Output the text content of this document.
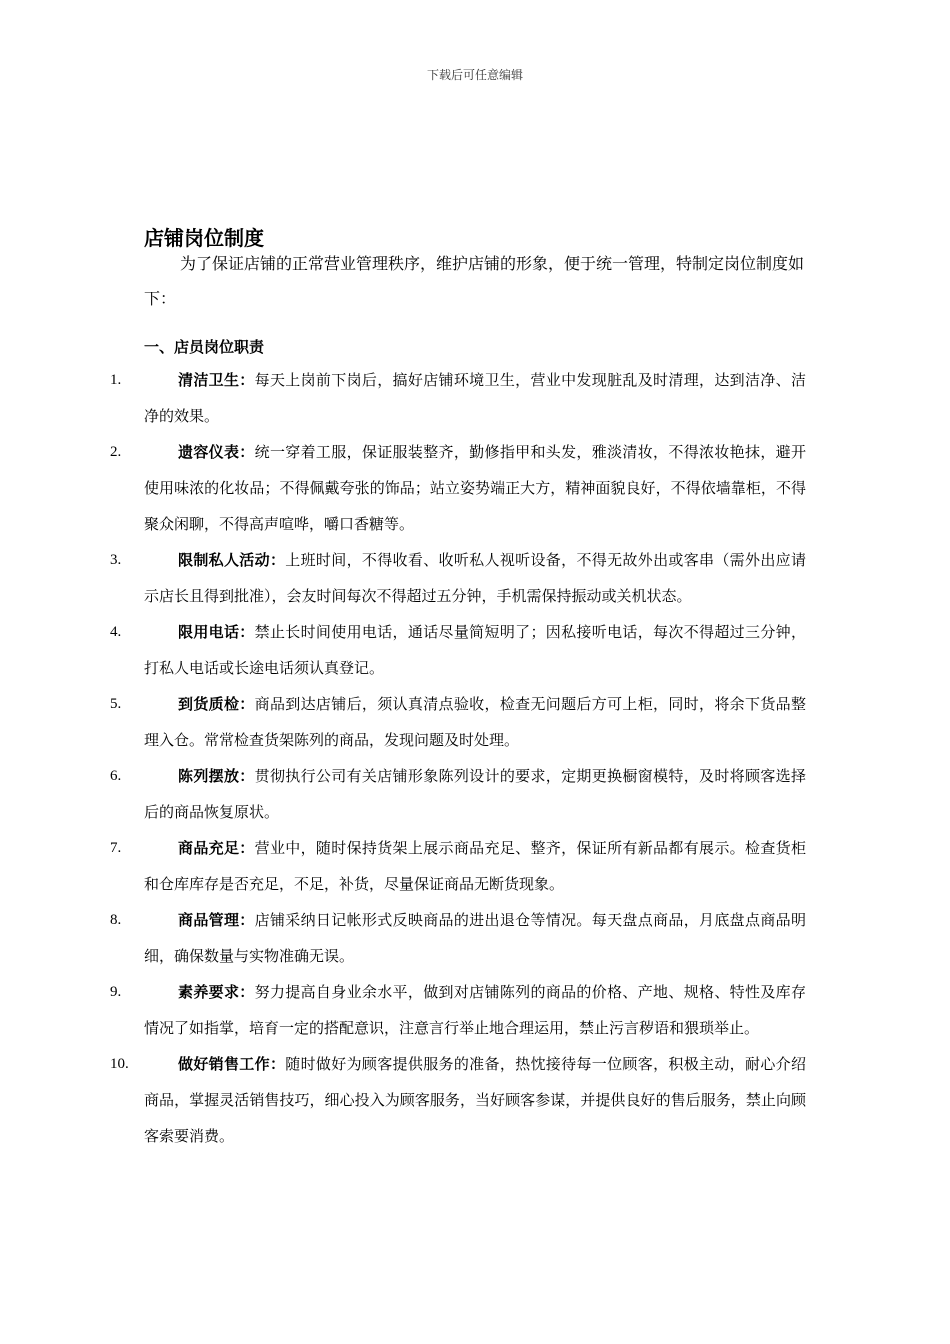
下载后可任意编辑
店铺岗位制度

为了保证店铺的正常营业管理秩序，维护店铺的形象，便于统一管理，特制定岗位制度如下：

一、店员岗位职责
1.	清洁卫生：每天上岗前下岗后，搞好店铺环境卫生，营业中发现脏乱及时清理，达到洁净、洁净的效果。
2.	遗容仪表：统一穿着工服，保证服装整齐，勤修指甲和头发，雅淡清妆，不得浓妆艳抹，避开使用味浓的化妆品；不得佩戴夸张的饰品；站立姿势端正大方，精神面貌良好，不得依墙靠柜，不得聚众闲聊，不得高声喧哗，嚼口香糖等。
3.	限制私人活动：上班时间，不得收看、收听私人视听设备，不得无故外出或客串（需外出应请示店长且得到批准），会友时间每次不得超过五分钟，手机需保持振动或关机状态。
4.	限用电话：禁止长时间使用电话，通话尽量简短明了；因私接听电话，每次不得超过三分钟，打私人电话或长途电话须认真登记。
5.	到货质检：商品到达店铺后，须认真清点验收，检查无问题后方可上柜，同时，将余下货品整理入仓。常常检查货架陈列的商品，发现问题及时处理。
6.	陈列摆放：贯彻执行公司有关店铺形象陈列设计的要求，定期更换橱窗模特，及时将顾客选择后的商品恢复原状。
7.	商品充足：营业中，随时保持货架上展示商品充足、整齐，保证所有新品都有展示。检查货柜和仓库库存是否充足，不足，补货，尽量保证商品无断货现象。
8.	商品管理：店铺采纳日记帐形式反映商品的进出退仓等情况。每天盘点商品，月底盘点商品明细，确保数量与实物准确无误。
9.	素养要求：努力提高自身业余水平，做到对店铺陈列的商品的价格、产地、规格、特性及库存情况了如指掌，培育一定的搭配意识，注意言行举止地合理运用，禁止污言秽语和猥琐举止。
10.	做好销售工作：随时做好为顾客提供服务的准备，热忱接待每一位顾客，积极主动，耐心介绍商品，掌握灵活销售技巧，细心投入为顾客服务，当好顾客参谋，并提供良好的售后服务，禁止向顾客索要消费。
